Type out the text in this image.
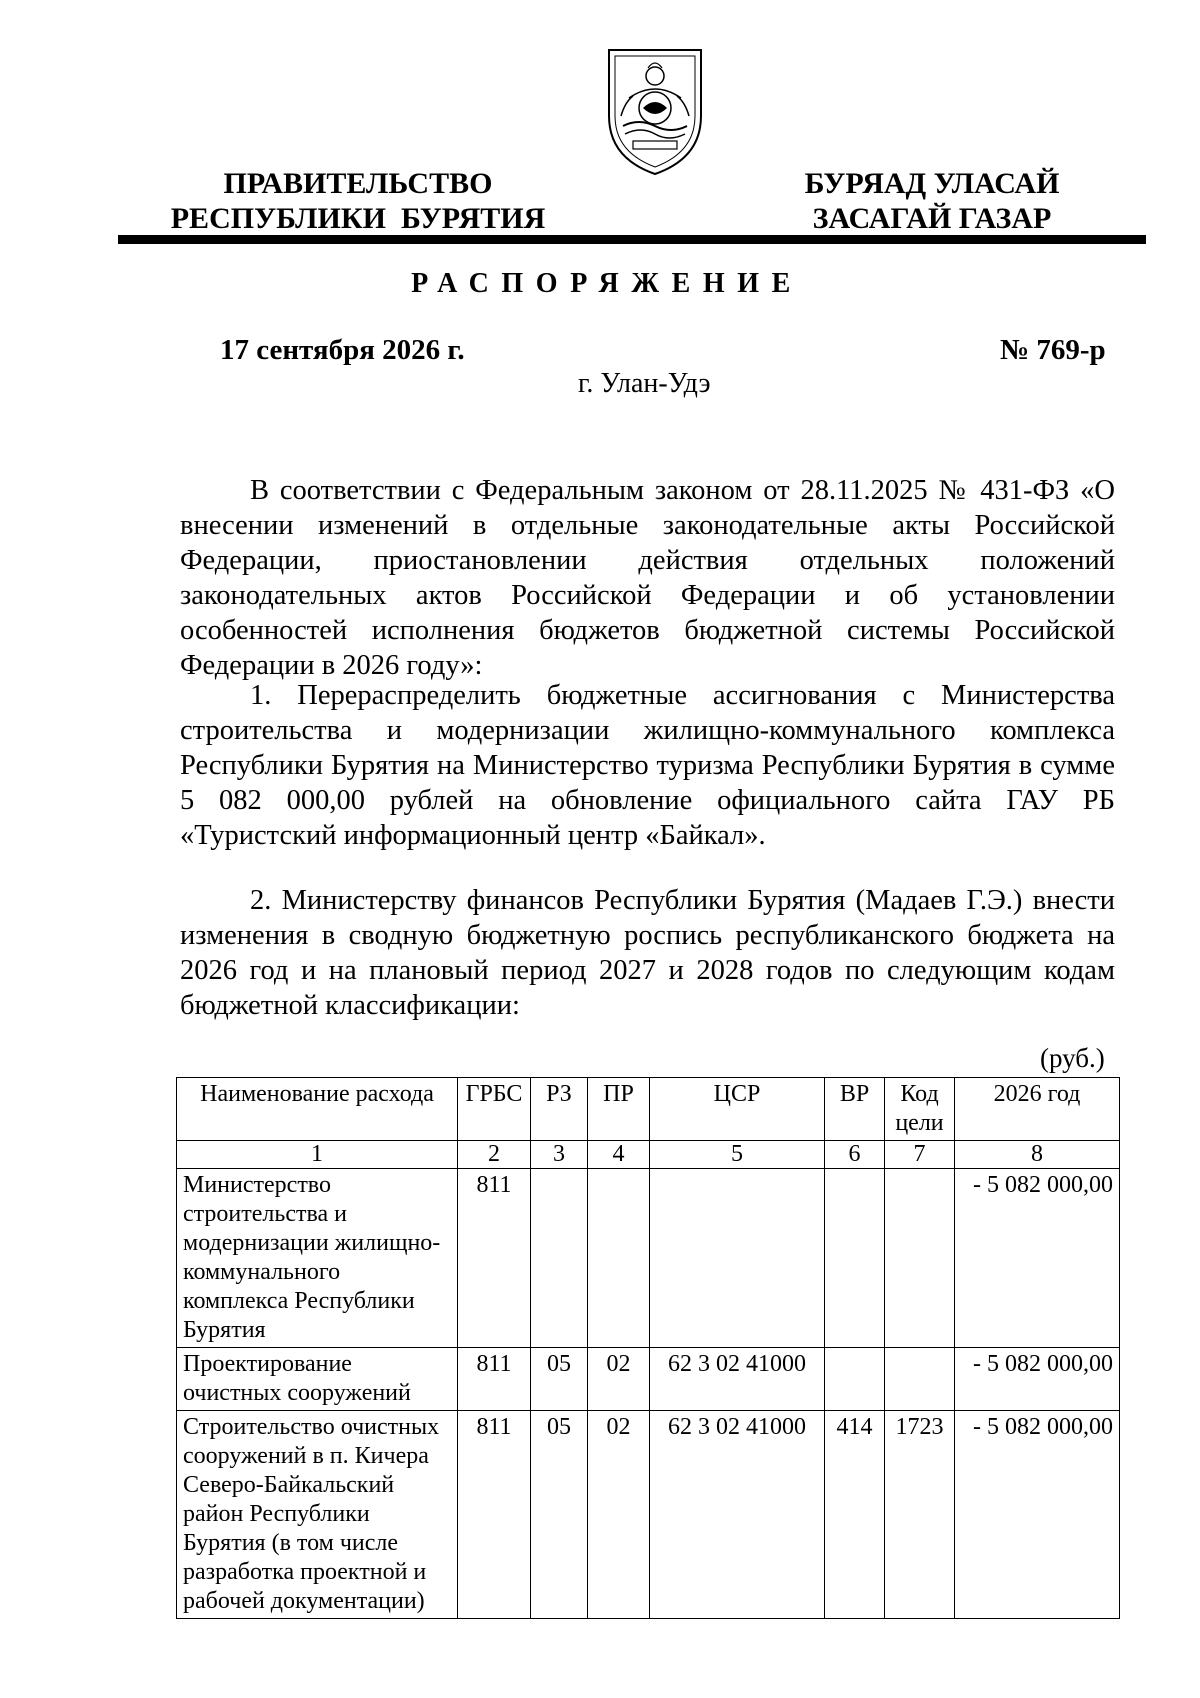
ПРАВИТЕЛЬСТВО
РЕСПУБЛИКИ  БУРЯТИЯ
БУРЯАД УЛАСАЙ
ЗАСАГАЙ ГАЗАР
РАСПОРЯЖЕНИЕ
17 сентября 2026 г.	№ 769-р
г. Улан-Удэ

В соответствии с Федеральным законом от 28.11.2025 № 431-ФЗ «О внесении изменений в отдельные законодательные акты Российской Федерации, приостановлении действия отдельных положений законодательных актов Российской Федерации и об установлении особенностей исполнения бюджетов бюджетной системы Российской Федерации в 2026 году»:

1. Перераспределить бюджетные ассигнования с Министерства строительства и модернизации жилищно-коммунального комплекса Республики Бурятия на Министерство туризма Республики Бурятия в сумме 5 082 000,00 рублей на обновление официального сайта ГАУ РБ «Туристский информационный центр «Байкал».

2. Министерству финансов Республики Бурятия (Мадаев Г.Э.) внести изменения в сводную бюджетную роспись республиканского бюджета на 2026 год и на плановый период 2027 и 2028 годов по следующим кодам бюджетной классификации:

(руб.)
Наименование расхода	ГРБС	РЗ	ПР	ЦСР	ВР	Код цели	2026 год
1	2	3	4	5	6	7	8
Министерство строительства и модернизации жилищно-коммунального комплекса Республики Бурятия	811						- 5 082 000,00
Проектирование очистных сооружений	811	05	02	62 3 02 41000			- 5 082 000,00
Строительство очистных сооружений в п. Кичера Северо-Байкальский район Республики Бурятия (в том числе разработка проектной и рабочей документации)	811	05	02	62 3 02 41000	414	1723	- 5 082 000,00
